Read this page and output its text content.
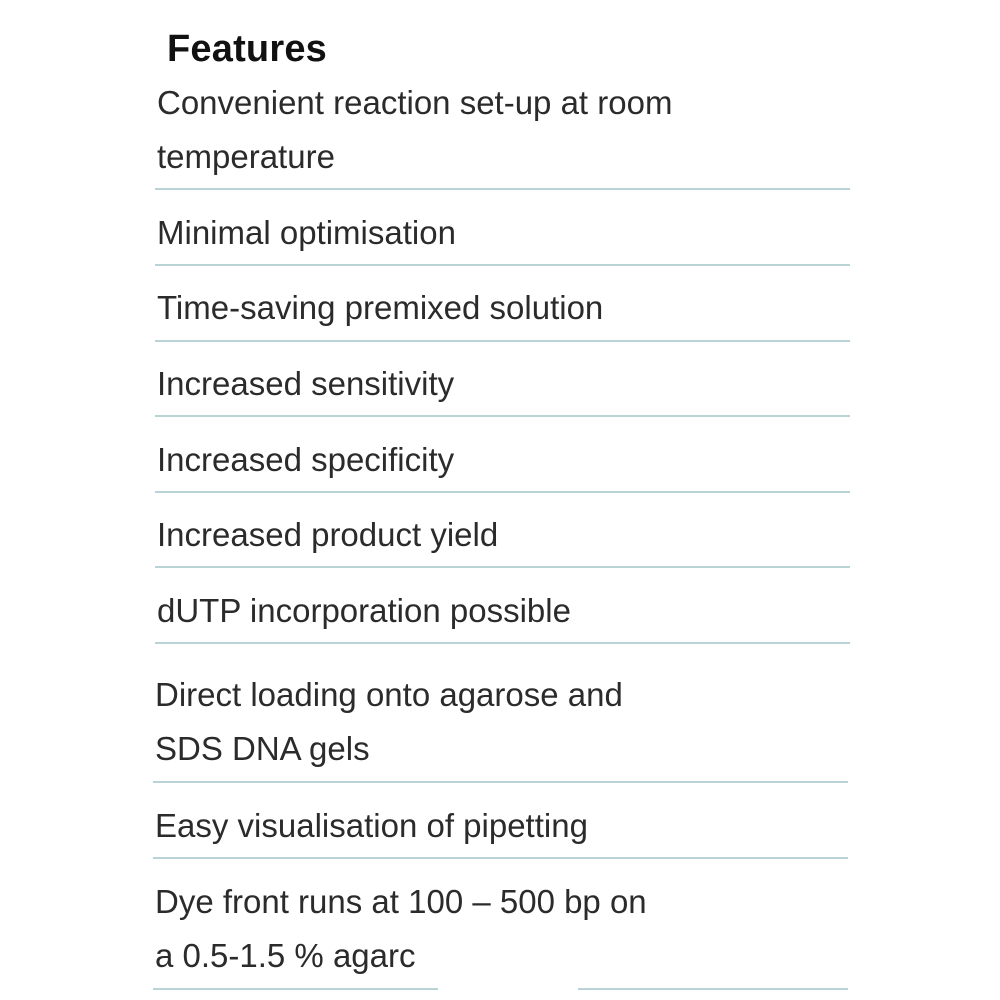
Features
Convenient reaction set-up at room
temperature
Minimal optimisation
Time-saving premixed solution
Increased sensitivity
Increased specificity
Increased product yield
dUTP incorporation possible
Direct loading onto agarose and
SDS DNA gels
Easy visualisation of pipetting
Dye front runs at 100 – 500 bp on
a 0.5-1.5 % agarс
